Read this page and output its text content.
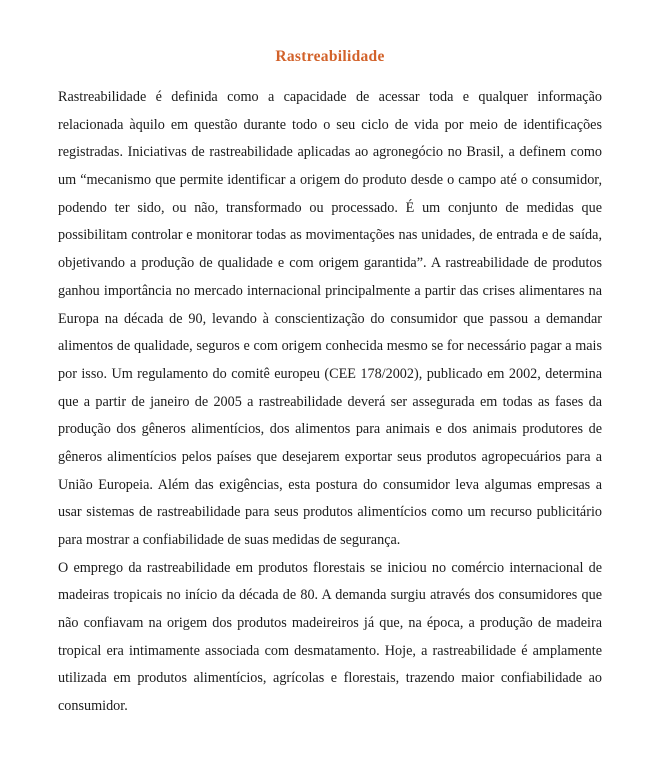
Rastreabilidade

Rastreabilidade é definida como a capacidade de acessar toda e qualquer informação relacionada àquilo em questão durante todo o seu ciclo de vida por meio de identificações registradas. Iniciativas de rastreabilidade aplicadas ao agronegócio no Brasil, a definem como um “mecanismo que permite identificar a origem do produto desde o campo até o consumidor, podendo ter sido, ou não, transformado ou processado. É um conjunto de medidas que possibilitam controlar e monitorar todas as movimentações nas unidades, de entrada e de saída, objetivando a produção de qualidade e com origem garantida”. A rastreabilidade de produtos ganhou importância no mercado internacional principalmente a partir das crises alimentares na Europa na década de 90, levando à conscientização do consumidor que passou a demandar alimentos de qualidade, seguros e com origem conhecida mesmo se for necessário pagar a mais por isso. Um regulamento do comitê europeu (CEE 178/2002), publicado em 2002, determina que a partir de janeiro de 2005 a rastreabilidade deverá ser assegurada em todas as fases da produção dos gêneros alimentícios, dos alimentos para animais e dos animais produtores de gêneros alimentícios pelos países que desejarem exportar seus produtos agropecuários para a União Europeia. Além das exigências, esta postura do consumidor leva algumas empresas a usar sistemas de rastreabilidade para seus produtos alimentícios como um recurso publicitário para mostrar a confiabilidade de suas medidas de segurança.

O emprego da rastreabilidade em produtos florestais se iniciou no comércio internacional de madeiras tropicais no início da década de 80. A demanda surgiu através dos consumidores que não confiavam na origem dos produtos madeireiros já que, na época, a produção de madeira tropical era intimamente associada com desmatamento. Hoje, a rastreabilidade é amplamente utilizada em produtos alimentícios, agrícolas e florestais, trazendo maior confiabilidade ao consumidor.
